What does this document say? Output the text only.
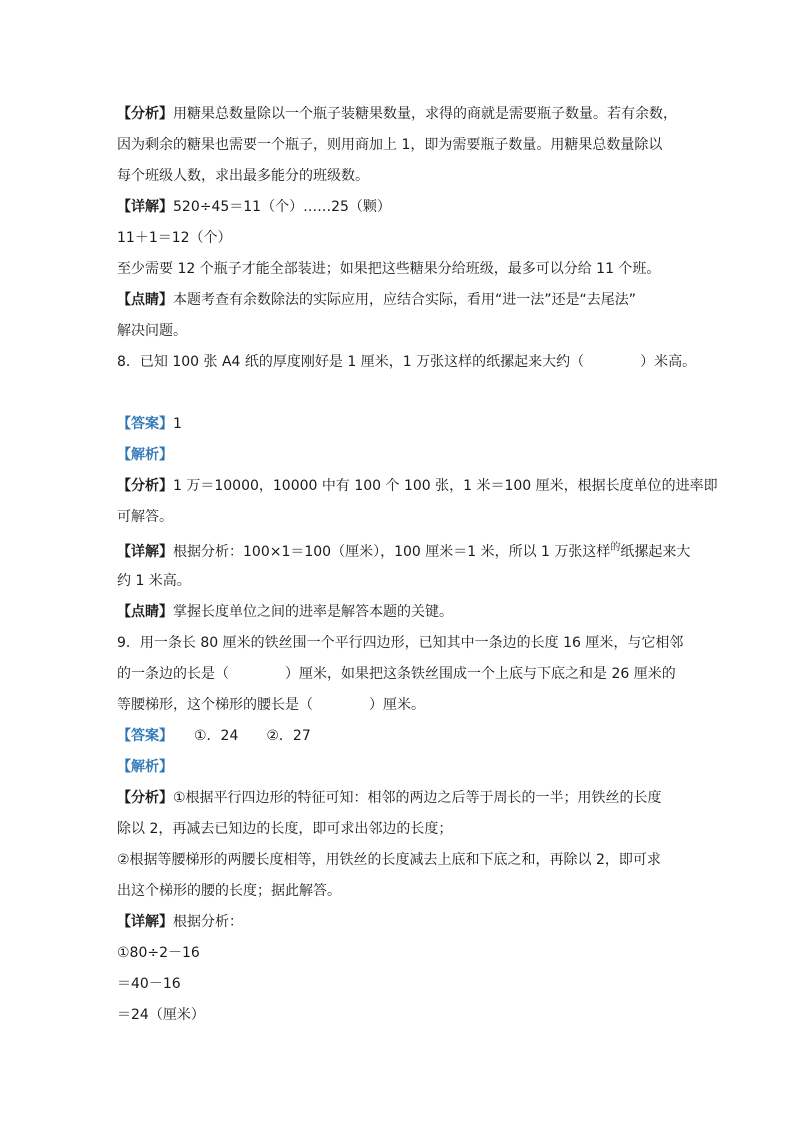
【分析】用糖果总数量除以一个瓶子装糖果数量，求得的商就是需要瓶子数量。若有余数，
因为剩余的糖果也需要一个瓶子，则用商加上 1，即为需要瓶子数量。用糖果总数量除以
每个班级人数，求出最多能分的班级数。
【详解】520÷45＝11（个）……25（颗）
11＋1＝12（个）
至少需要 12 个瓶子才能全部装进；如果把这些糖果分给班级，最多可以分给 11 个班。
【点睛】本题考查有余数除法的实际应用，应结合实际，看用“进一法”还是“去尾法”
解决问题。
8．已知 100 张 A4 纸的厚度刚好是 1 厘米，1 万张这样的纸摞起来大约（　　　　）米高。
【答案】1
【解析】
【分析】1 万＝10000，10000 中有 100 个 100 张，1 米＝100 厘米，根据长度单位的进率即
可解答。
【详解】根据分析：100×1＝100（厘米），100 厘米＝1 米，所以 1 万张这样$^的$纸摞起来大
约 1 米高。
【点睛】掌握长度单位之间的进率是解答本题的关键。
9．用一条长 80 厘米的铁丝围一个平行四边形，已知其中一条边的长度 16 厘米，与它相邻
的一条边的长是（　　　　）厘米，如果把这条铁丝围成一个上底与下底之和是 26 厘米的
等腰梯形，这个梯形的腰长是（　　　　）厘米。
【答案】　　①．24　　②．27
【解析】
【分析】①根据平行四边形的特征可知：相邻的两边之后等于周长的一半；用铁丝的长度
除以 2，再减去已知边的长度，即可求出邻边的长度；
②根据等腰梯形的两腰长度相等，用铁丝的长度减去上底和下底之和，再除以 2，即可求
出这个梯形的腰的长度；据此解答。
【详解】根据分析：
①80÷2－16
＝40－16
＝24（厘米）
